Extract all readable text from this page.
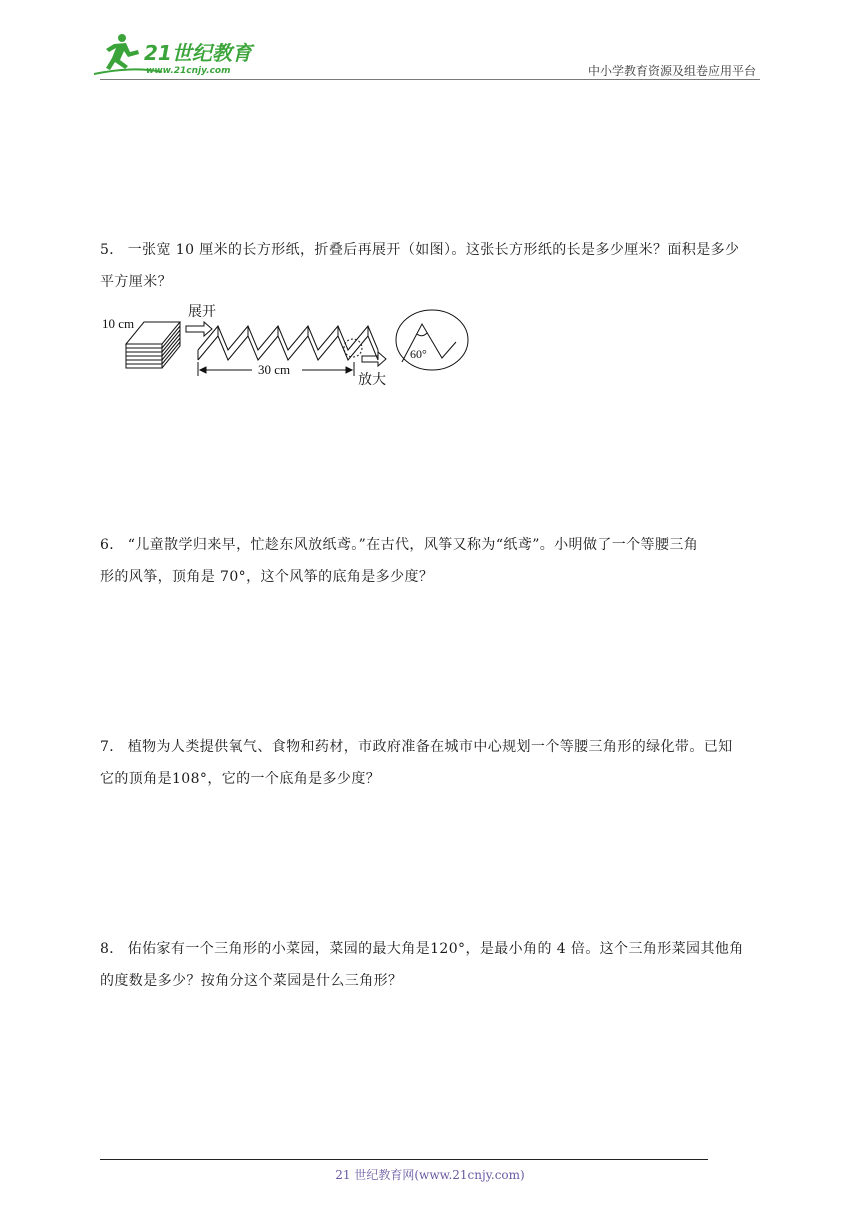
21世纪教育
www.21cnjy.com	中小学教育资源及组卷应用平台
5． 一张宽 10 厘米的长方形纸，折叠后再展开（如图）。这张长方形纸的长是多少厘米？面积是多少
平方厘米？
10 cm
展开
30 cm
放大
60°
6． “儿童散学归来早，忙趁东风放纸鸢。”在古代，风筝又称为“纸鸢”。小明做了一个等腰三角
形的风筝，顶角是 70°，这个风筝的底角是多少度？
7． 植物为人类提供氧气、食物和药材，市政府准备在城市中心规划一个等腰三角形的绿化带。已知
它的顶角是108°，它的一个底角是多少度？
8． 佑佑家有一个三角形的小菜园，菜园的最大角是120°，是最小角的 4 倍。这个三角形菜园其他角
的度数是多少？按角分这个菜园是什么三角形？
21 世纪教育网(www.21cnjy.com)
